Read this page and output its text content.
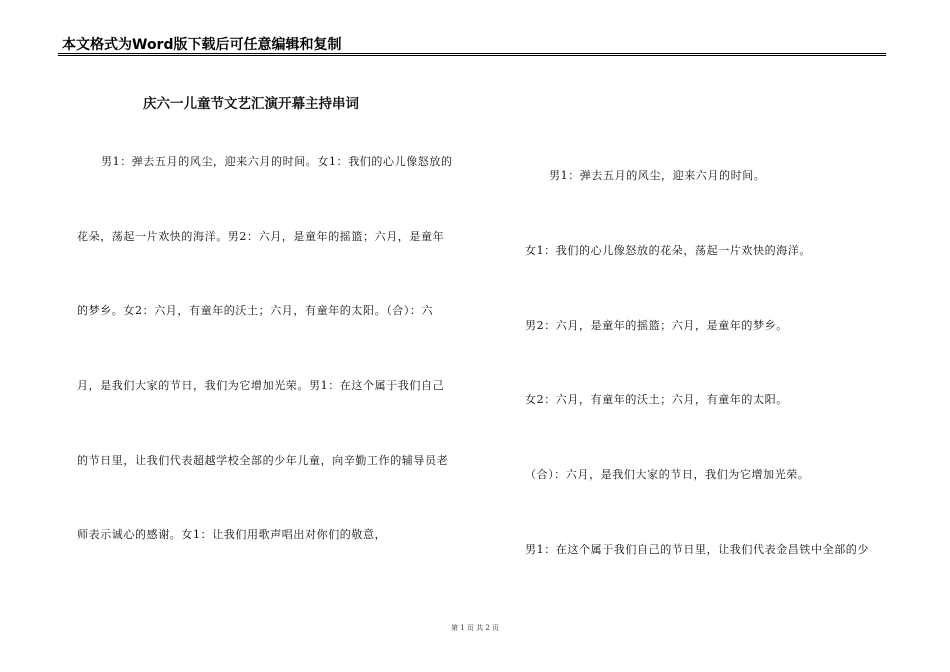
本文格式为Word版下载后可任意编辑和复制
庆六一儿童节文艺汇演开幕主持串词
男1：弹去五月的风尘，迎来六月的时间。女1：我们的心儿像怒放的
花朵，荡起一片欢快的海洋。男2：六月，是童年的摇篮；六月，是童年
的梦乡。女2：六月，有童年的沃土；六月，有童年的太阳。（合）：六
月，是我们大家的节日，我们为它增加光荣。男1：在这个属于我们自己
的节日里，让我们代表超越学校全部的少年儿童，向辛勤工作的辅导员老
师表示诚心的感谢。女1：让我们用歌声唱出对你们的敬意，
男1：弹去五月的风尘，迎来六月的时间。
女1：我们的心儿像怒放的花朵，荡起一片欢快的海洋。
男2：六月，是童年的摇篮；六月，是童年的梦乡。
女2：六月，有童年的沃土；六月，有童年的太阳。
（合）：六月，是我们大家的节日，我们为它增加光荣。
男1：在这个属于我们自己的节日里，让我们代表金昌铁中全部的少
第 1 页 共 2 页
